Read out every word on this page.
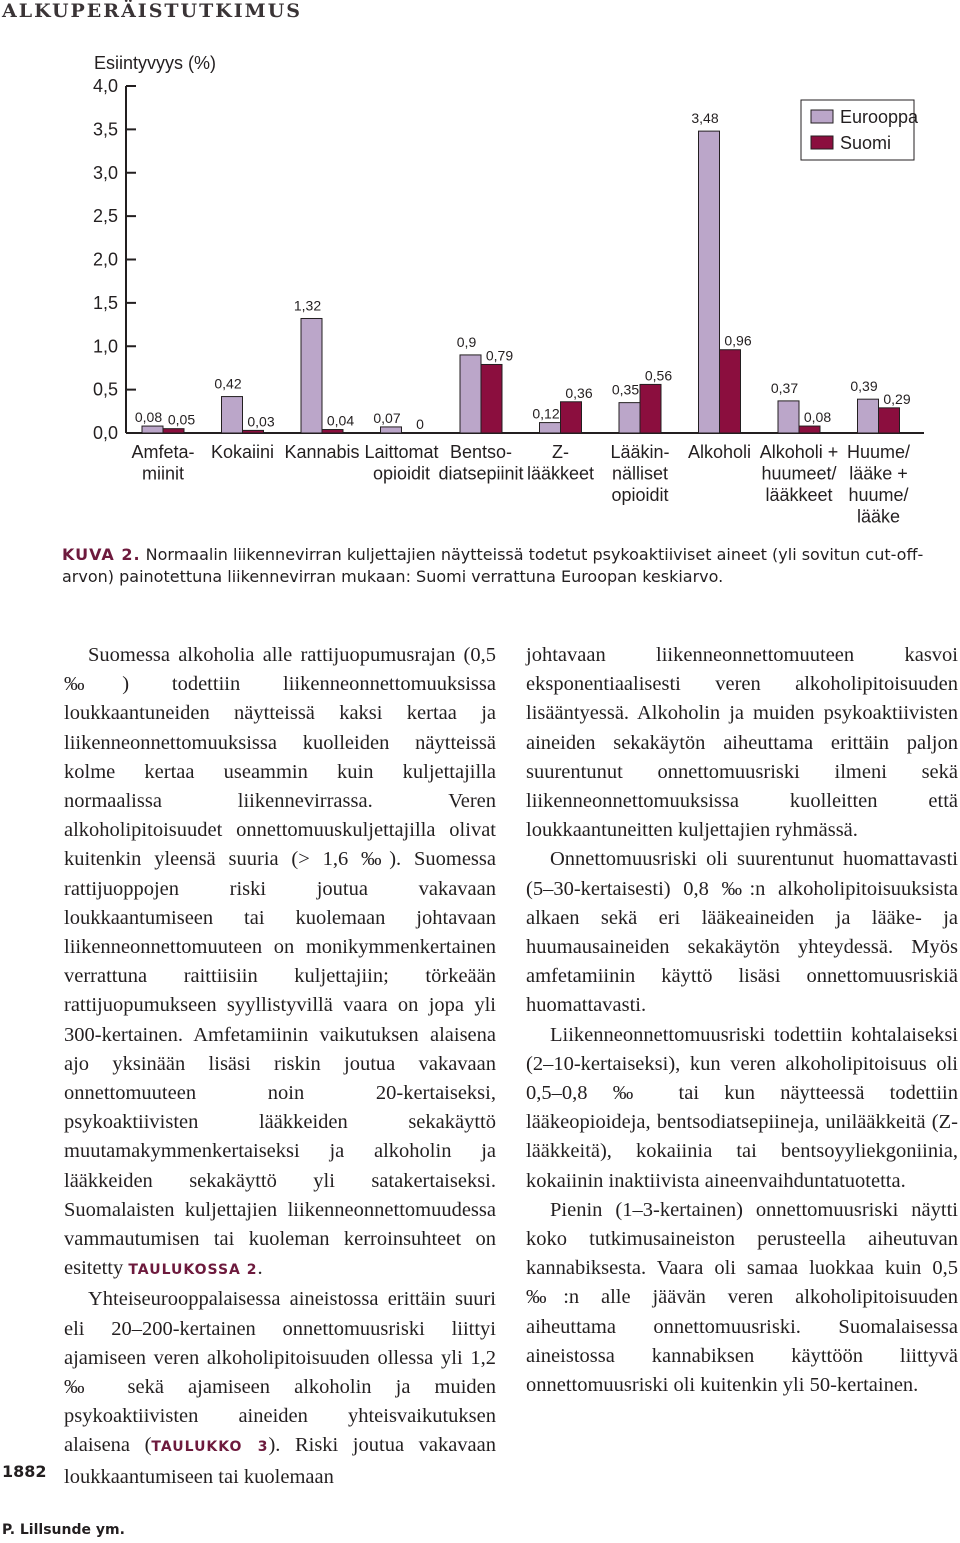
ALKUPERÄISTUTKIMUS
Esiintyvyys (%)
0,0
0,5
1,0
1,5
2,0
2,5
3,0
3,5
4,0
0,08 0,05
0,42
0,03
1,32
0,04 0,07 0
0,9
0,79
0,12
0,36 0,35
0,56
3,48
0,96
0,37
0,08
0,39
0,29
Amfeta-
miinit
Kokaiini Kannabis Laittomat
opioidit
Bentso-
diatsepiinit
Z-
lääkkeet
Lääkin-
nälliset
opioidit
Alkoholi Alkoholi +
huumeet/
lääkkeet
Huume/
lääke +
huume/
lääke
Eurooppa
Suomi
KUVA 2. Normaalin liikennevirran kuljettajien näytteissä todetut psykoaktiiviset aineet (yli sovitun cut-off-arvon) painotettuna liikennevirran mukaan: Suomi verrattuna Euroopan keskiarvo.

Suomessa alkoholia alle rattijuopumusrajan (0,5 ‰) todettiin liikenneonnettomuuksissa loukkaantuneiden näytteissä kaksi kertaa ja liikenneonnettomuuksissa kuolleiden näytteissä kolme kertaa useammin kuin kuljettajilla normaalissa liikennevirrassa. Veren alkoholipitoisuudet onnettomuuskuljettajilla olivat kuitenkin yleensä suuria (> 1,6 ‰). Suomessa rattijuoppojen riski joutua vakavaan loukkaantumiseen tai kuolemaan johtavaan liikenneonnettomuuteen on monikymmenkertainen verrattuna raittiisiin kuljettajiin; törkeään rattijuopumukseen syyllistyvillä vaara on jopa yli 300-kertainen. Amfetamiinin vaikutuksen alaisena ajo yksinään lisäsi riskin joutua vakavaan onnettomuuteen noin 20-kertaiseksi, psykoaktiivisten lääkkeiden sekakäyttö muutamakymmenkertaiseksi ja alkoholin ja lääkkeiden sekakäyttö yli satakertaiseksi. Suomalaisten kuljettajien liikenneonnettomuudessa vammautumisen tai kuoleman kerroinsuhteet on esitetty TAULUKOSSA 2.

Yhteiseurooppalaisessa aineistossa erittäin suuri eli 20–200-kertainen onnettomuusriski liittyi ajamiseen veren alkoholipitoisuuden ollessa yli 1,2 ‰ sekä ajamiseen alkoholin ja muiden psykoaktiivisten aineiden yhteisvaikutuksen alaisena (TAULUKKO 3). Riski joutua vakavaan loukkaantumiseen tai kuolemaan

johtavaan liikenneonnettomuuteen kasvoi eksponentiaalisesti veren alkoholipitoisuuden lisääntyessä. Alkoholin ja muiden psykoaktiivisten aineiden sekakäytön aiheuttama erittäin paljon suurentunut onnettomuusriski ilmeni sekä liikenneonnettomuuksissa kuolleitten että loukkaantuneitten kuljettajien ryhmässä.

Onnettomuusriski oli suurentunut huomattavasti (5–30-kertaisesti) 0,8 ‰:n alkoholipitoisuuksista alkaen sekä eri lääkeaineiden ja lääke- ja huumausaineiden sekakäytön yhteydessä. Myös amfetamiinin käyttö lisäsi onnettomuusriskiä huomattavasti.

Liikenneonnettomuusriski todettiin kohtalaiseksi (2–10-kertaiseksi), kun veren alkoholipitoisuus oli 0,5–0,8 ‰ tai kun näytteessä todettiin lääkeopioideja, bentsodiatsepiineja, unilääkkeitä (Z-lääkkeitä), kokaiinia tai bentsoyyliekgoniinia, kokaiinin inaktiivista aineenvaihduntatuotetta.

Pienin (1–3-kertainen) onnettomuusriski näytti koko tutkimusaineiston perusteella aiheutuvan kannabiksesta. Vaara oli samaa luokkaa kuin 0,5 ‰:n alle jäävän veren alkoholipitoisuuden aiheuttama onnettomuusriski. Suomalaisessa aineistossa kannabiksen käyttöön liittyvä onnettomuusriski oli kuitenkin yli 50-kertainen.

1882
P. Lillsunde ym.
